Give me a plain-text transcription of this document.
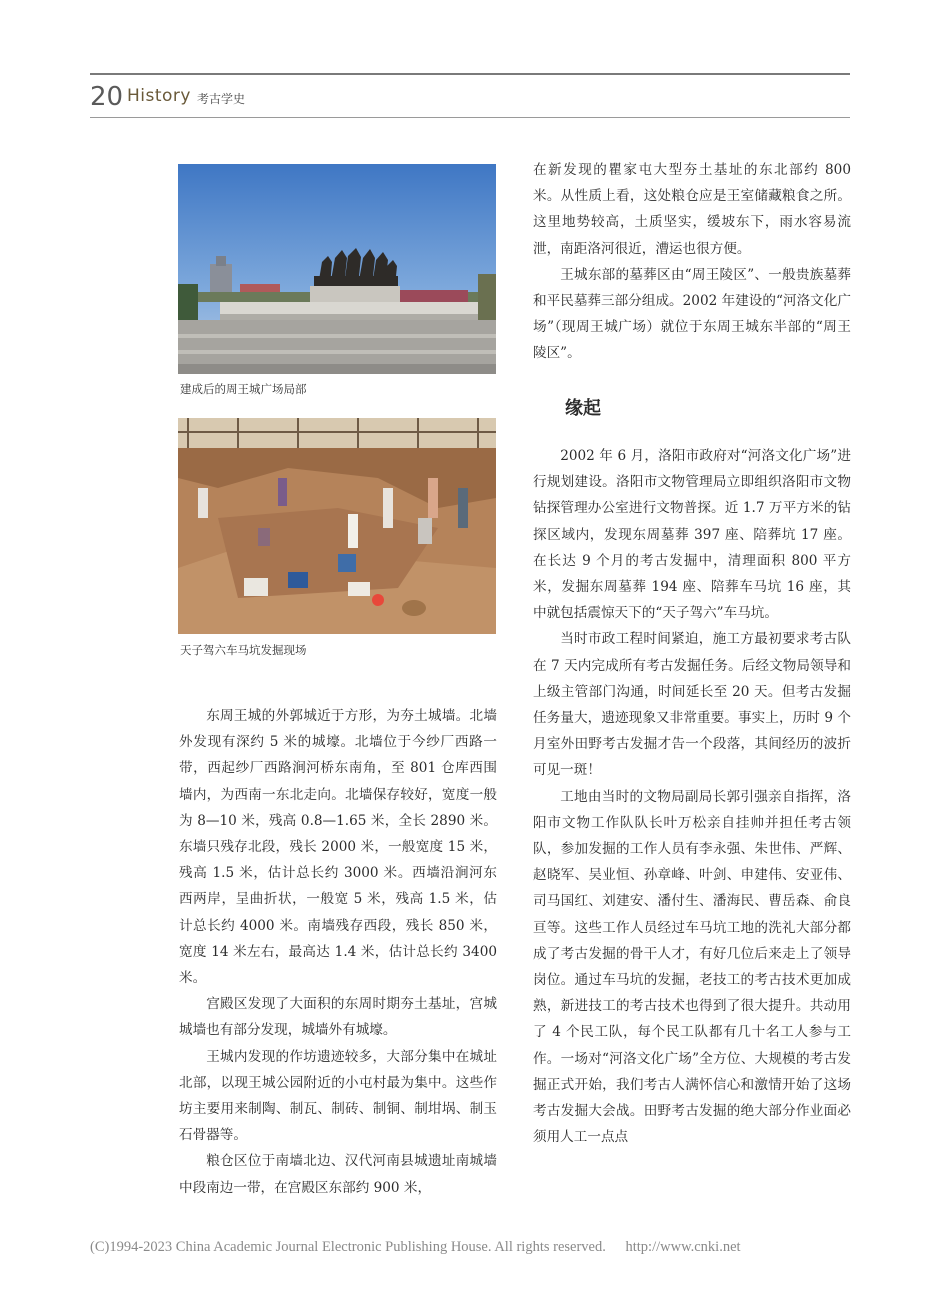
20 History 考古学史
建成后的周王城广场局部
天子驾六车马坑发掘现场

东周王城的外郭城近于方形，为夯土城墙。北墙外发现有深约 5 米的城壕。北墙位于今纱厂西路一带，西起纱厂西路涧河桥东南角，至 801 仓库西围墙内，为西南一东北走向。北墙保存较好，宽度一般为 8—10 米，残高 0.8—1.65 米，全长 2890 米。东墙只残存北段，残长 2000 米，一般宽度 15 米，残高 1.5 米，估计总长约 3000 米。西墙沿涧河东西两岸，呈曲折状，一般宽 5 米，残高 1.5 米，估计总长约 4000 米。南墙残存西段，残长 850 米，宽度 14 米左右，最高达 1.4 米，估计总长约 3400 米。

宫殿区发现了大面积的东周时期夯土基址，宫城城墙也有部分发现，城墙外有城壕。

王城内发现的作坊遗迹较多，大部分集中在城址北部，以现王城公园附近的小屯村最为集中。这些作坊主要用来制陶、制瓦、制砖、制铜、制坩埚、制玉石骨器等。

粮仓区位于南墙北边、汉代河南县城遗址南城墙中段南边一带，在宫殿区东部约 900 米，

在新发现的瞿家屯大型夯土基址的东北部约 800 米。从性质上看，这处粮仓应是王室储藏粮食之所。这里地势较高，土质坚实，缓坡东下，雨水容易流泄，南距洛河很近，漕运也很方便。

王城东部的墓葬区由“周王陵区”、一般贵族墓葬和平民墓葬三部分组成。2002 年建设的“河洛文化广场”（现周王城广场）就位于东周王城东半部的“周王陵区”。

缘起

2002 年 6 月，洛阳市政府对“河洛文化广场”进行规划建设。洛阳市文物管理局立即组织洛阳市文物钻探管理办公室进行文物普探。近 1.7 万平方米的钻探区域内，发现东周墓葬 397 座、陪葬坑 17 座。在长达 9 个月的考古发掘中，清理面积 800 平方米，发掘东周墓葬 194 座、陪葬车马坑 16 座，其中就包括震惊天下的“天子驾六”车马坑。

当时市政工程时间紧迫，施工方最初要求考古队在 7 天内完成所有考古发掘任务。后经文物局领导和上级主管部门沟通，时间延长至 20 天。但考古发掘任务量大，遗迹现象又非常重要。事实上，历时 9 个月室外田野考古发掘才告一个段落，其间经历的波折可见一斑！

工地由当时的文物局副局长郭引强亲自指挥，洛阳市文物工作队队长叶万松亲自挂帅并担任考古领队，参加发掘的工作人员有李永强、朱世伟、严辉、赵晓军、吴业恒、孙章峰、叶剑、申建伟、安亚伟、司马国红、刘建安、潘付生、潘海民、曹岳森、俞良亘等。这些工作人员经过车马坑工地的洗礼大部分都成了考古发掘的骨干人才，有好几位后来走上了领导岗位。通过车马坑的发掘，老技工的考古技术更加成熟，新进技工的考古技术也得到了很大提升。共动用了 4 个民工队，每个民工队都有几十名工人参与工作。一场对“河洛文化广场”全方位、大规模的考古发掘正式开始，我们考古人满怀信心和激情开始了这场考古发掘大会战。田野考古发掘的绝大部分作业面必须用人工一点点

(C)1994-2023 China Academic Journal Electronic Publishing House. All rights reserved. http://www.cnki.net
